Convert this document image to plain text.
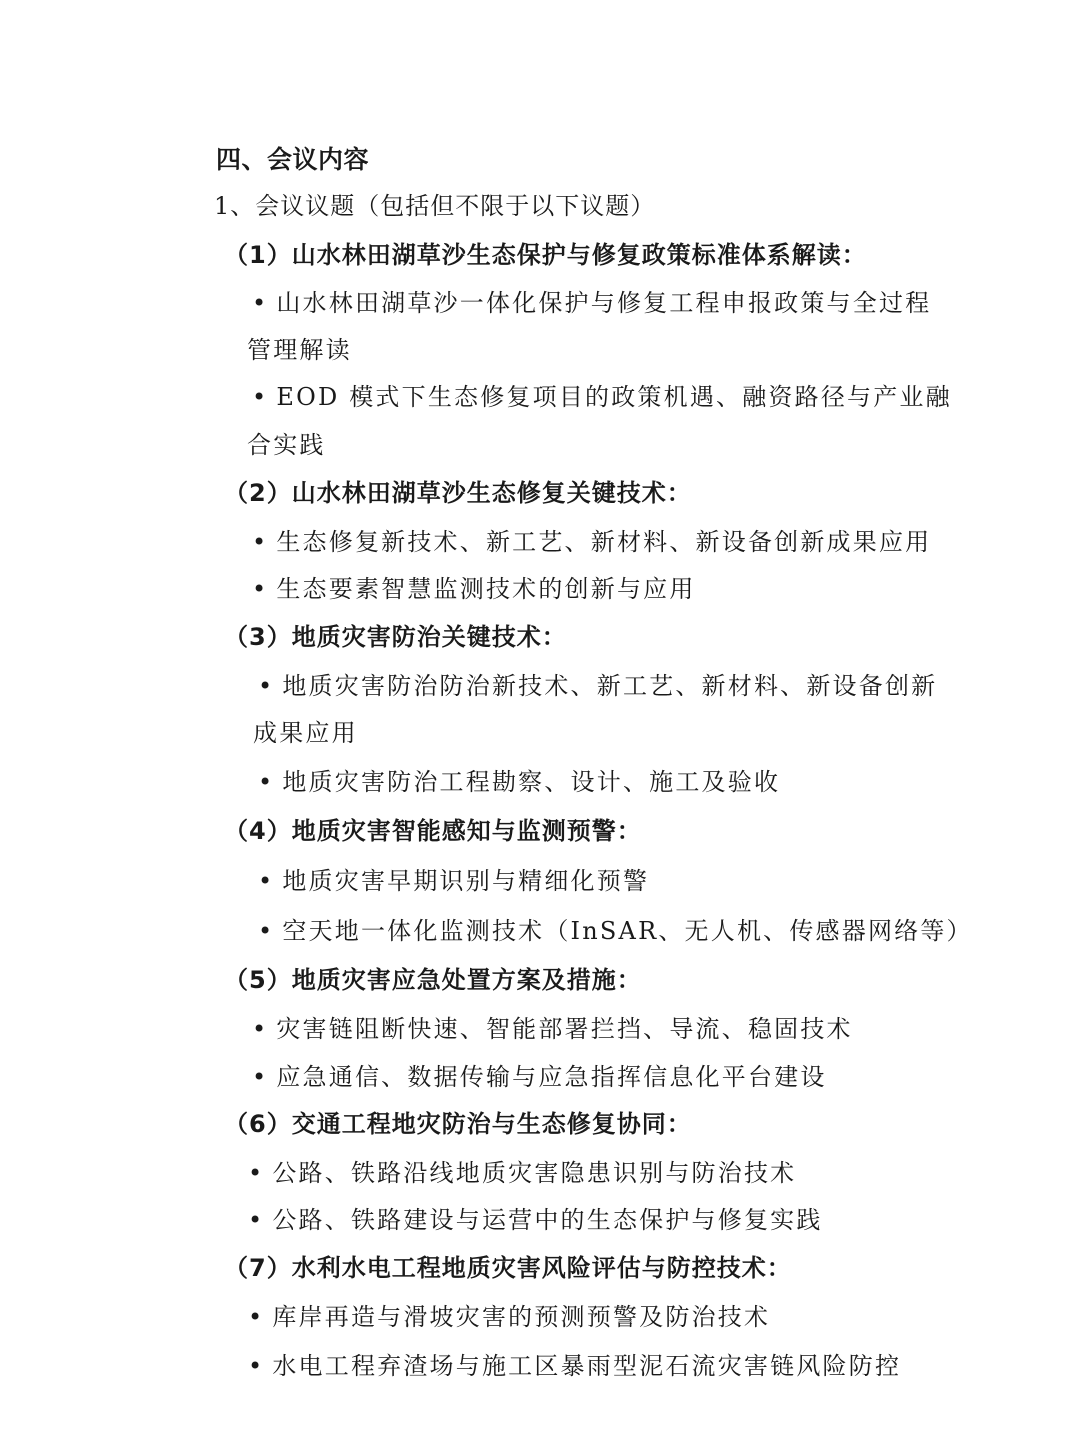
四、会议内容
1、会议议题（包括但不限于以下议题）
（1）山水林田湖草沙生态保护与修复政策标准体系解读：
• 山水林田湖草沙一体化保护与修复工程申报政策与全过程
管理解读
• EOD 模式下生态修复项目的政策机遇、融资路径与产业融
合实践
（2）山水林田湖草沙生态修复关键技术：
• 生态修复新技术、新工艺、新材料、新设备创新成果应用
• 生态要素智慧监测技术的创新与应用
（3）地质灾害防治关键技术：
• 地质灾害防治防治新技术、新工艺、新材料、新设备创新
成果应用
• 地质灾害防治工程勘察、设计、施工及验收
（4）地质灾害智能感知与监测预警：
• 地质灾害早期识别与精细化预警
• 空天地一体化监测技术（InSAR、无人机、传感器网络等）
（5）地质灾害应急处置方案及措施：
• 灾害链阻断快速、智能部署拦挡、导流、稳固技术
• 应急通信、数据传输与应急指挥信息化平台建设
（6）交通工程地灾防治与生态修复协同：
• 公路、铁路沿线地质灾害隐患识别与防治技术
• 公路、铁路建设与运营中的生态保护与修复实践
（7）水利水电工程地质灾害风险评估与防控技术：
• 库岸再造与滑坡灾害的预测预警及防治技术
• 水电工程弃渣场与施工区暴雨型泥石流灾害链风险防控
